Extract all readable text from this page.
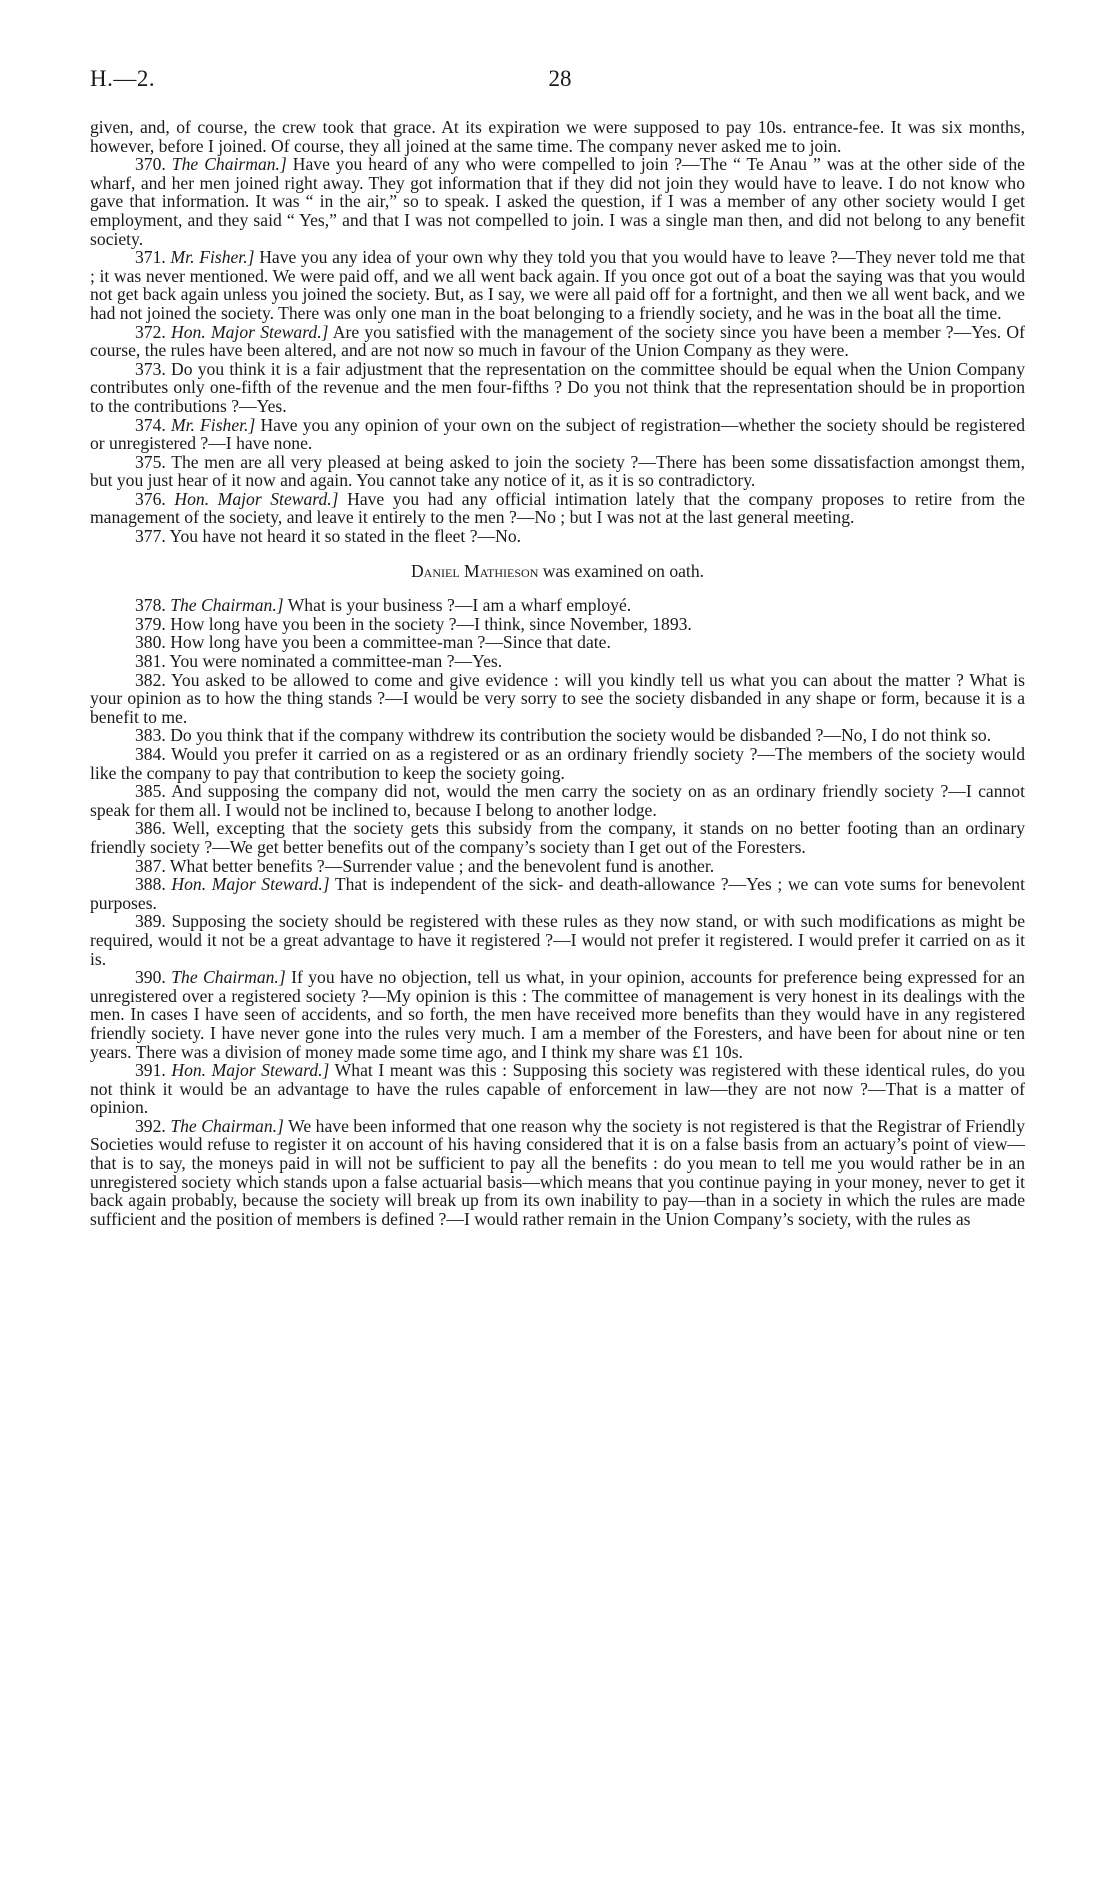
H.—2.	28

given, and, of course, the crew took that grace. At its expiration we were supposed to pay 10s. entrance-fee. It was six months, however, before I joined. Of course, they all joined at the same time. The company never asked me to join.

370. The Chairman.] Have you heard of any who were compelled to join ?—The “ Te Anau ” was at the other side of the wharf, and her men joined right away. They got information that if they did not join they would have to leave. I do not know who gave that information. It was “ in the air,” so to speak. I asked the question, if I was a member of any other society would I get employment, and they said “ Yes,” and that I was not compelled to join. I was a single man then, and did not belong to any benefit society.

371. Mr. Fisher.] Have you any idea of your own why they told you that you would have to leave ?—They never told me that ; it was never mentioned. We were paid off, and we all went back again. If you once got out of a boat the saying was that you would not get back again unless you joined the society. But, as I say, we were all paid off for a fortnight, and then we all went back, and we had not joined the society. There was only one man in the boat belonging to a friendly society, and he was in the boat all the time.

372. Hon. Major Steward.] Are you satisfied with the management of the society since you have been a member ?—Yes. Of course, the rules have been altered, and are not now so much in favour of the Union Company as they were.

373. Do you think it is a fair adjustment that the representation on the committee should be equal when the Union Company contributes only one-fifth of the revenue and the men four-fifths ? Do you not think that the representation should be in proportion to the contributions ?—Yes.

374. Mr. Fisher.] Have you any opinion of your own on the subject of registration—whether the society should be registered or unregistered ?—I have none.

375. The men are all very pleased at being asked to join the society ?—There has been some dissatisfaction amongst them, but you just hear of it now and again. You cannot take any notice of it, as it is so contradictory.

376. Hon. Major Steward.] Have you had any official intimation lately that the company proposes to retire from the management of the society, and leave it entirely to the men ?—No ; but I was not at the last general meeting.

377. You have not heard it so stated in the fleet ?—No.

Daniel Mathieson was examined on oath.

378. The Chairman.] What is your business ?—I am a wharf employé.

379. How long have you been in the society ?—I think, since November, 1893.

380. How long have you been a committee-man ?—Since that date.

381. You were nominated a committee-man ?—Yes.

382. You asked to be allowed to come and give evidence : will you kindly tell us what you can about the matter ? What is your opinion as to how the thing stands ?—I would be very sorry to see the society disbanded in any shape or form, because it is a benefit to me.

383. Do you think that if the company withdrew its contribution the society would be disbanded ?—No, I do not think so.

384. Would you prefer it carried on as a registered or as an ordinary friendly society ?—The members of the society would like the company to pay that contribution to keep the society going.

385. And supposing the company did not, would the men carry the society on as an ordinary friendly society ?—I cannot speak for them all. I would not be inclined to, because I belong to another lodge.

386. Well, excepting that the society gets this subsidy from the company, it stands on no better footing than an ordinary friendly society ?—We get better benefits out of the company’s society than I get out of the Foresters.

387. What better benefits ?—Surrender value ; and the benevolent fund is another.

388. Hon. Major Steward.] That is independent of the sick- and death-allowance ?—Yes ; we can vote sums for benevolent purposes.

389. Supposing the society should be registered with these rules as they now stand, or with such modifications as might be required, would it not be a great advantage to have it registered ?—I would not prefer it registered. I would prefer it carried on as it is.

390. The Chairman.] If you have no objection, tell us what, in your opinion, accounts for preference being expressed for an unregistered over a registered society ?—My opinion is this : The committee of management is very honest in its dealings with the men. In cases I have seen of accidents, and so forth, the men have received more benefits than they would have in any registered friendly society. I have never gone into the rules very much. I am a member of the Foresters, and have been for about nine or ten years. There was a division of money made some time ago, and I think my share was £1 10s.

391. Hon. Major Steward.] What I meant was this : Supposing this society was registered with these identical rules, do you not think it would be an advantage to have the rules capable of enforcement in law—they are not now ?—That is a matter of opinion.

392. The Chairman.] We have been informed that one reason why the society is not registered is that the Registrar of Friendly Societies would refuse to register it on account of his having considered that it is on a false basis from an actuary’s point of view—that is to say, the moneys paid in will not be sufficient to pay all the benefits : do you mean to tell me you would rather be in an unregistered society which stands upon a false actuarial basis—which means that you continue paying in your money, never to get it back again probably, because the society will break up from its own inability to pay—than in a society in which the rules are made sufficient and the position of members is defined ?—I would rather remain in the Union Company’s society, with the rules as
